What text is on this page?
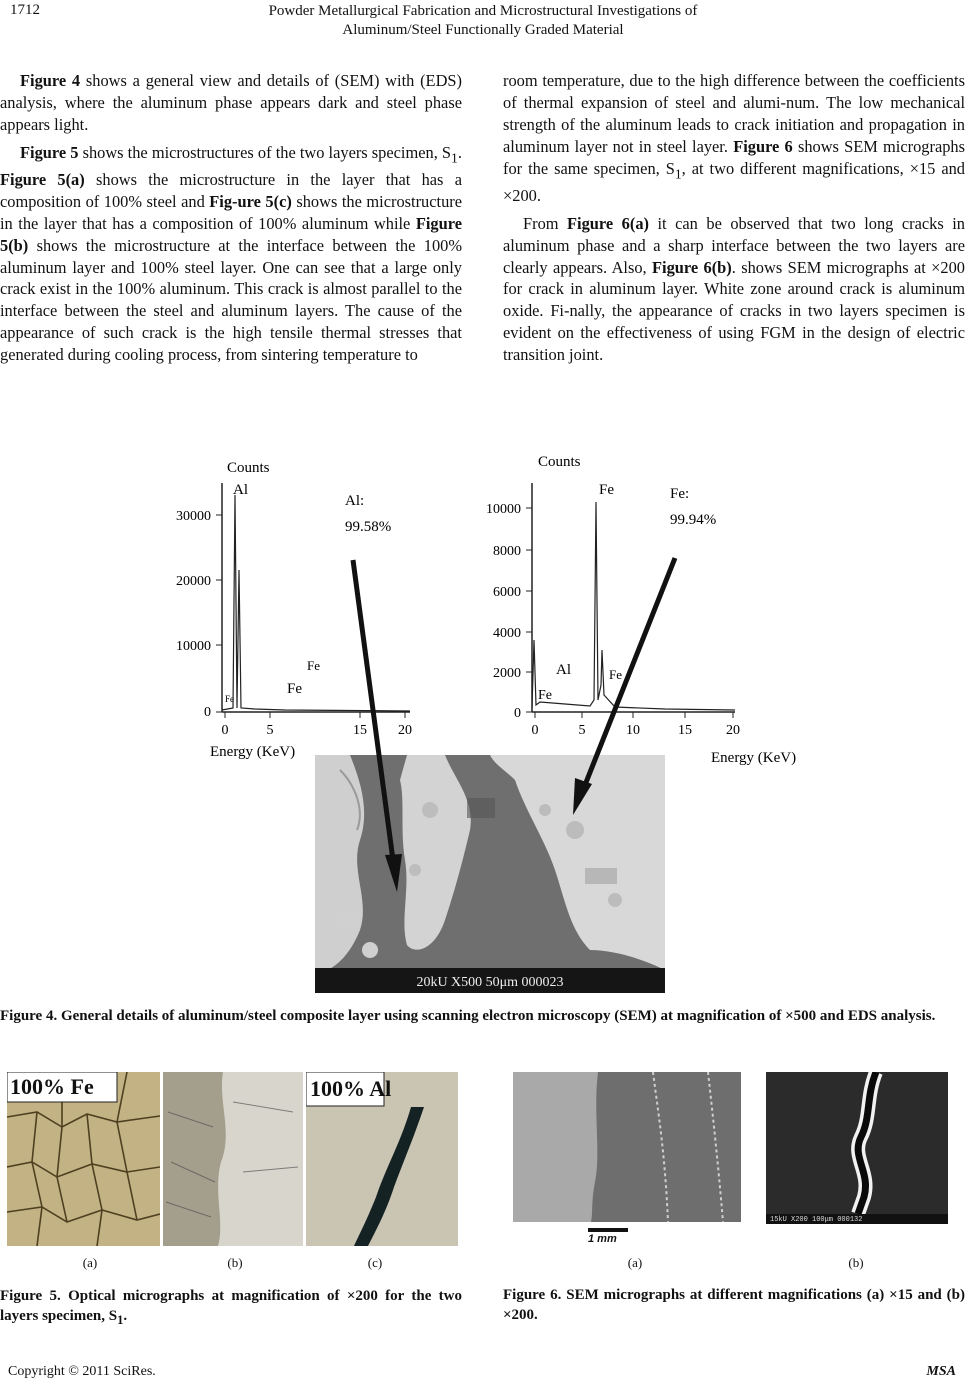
1712	Powder Metallurgical Fabrication and Microstructural Investigations of
Aluminum/Steel Functionally Graded Material

Figure 4 shows a general view and details of (SEM) with (EDS) analysis, where the aluminum phase appears dark and steel phase appears light.

Figure 5 shows the microstructures of the two layers specimen, $S_1$. Figure 5(a) shows the microstructure in the layer that has a composition of 100% steel and Fig-ure 5(c) shows the microstructure in the layer that has a composition of 100% aluminum while Figure 5(b) shows the microstructure at the interface between the 100% aluminum layer and 100% steel layer. One can see that a large only crack exist in the 100% aluminum. This crack is almost parallel to the interface between the steel and aluminum layers. The cause of the appearance of such crack is the high tensile thermal stresses that generated during cooling process, from sintering temperature to

room temperature, due to the high difference between the coefficients of thermal expansion of steel and alumi-num. The low mechanical strength of the aluminum leads to crack initiation and propagation in aluminum layer not in steel layer. Figure 6 shows SEM micrographs for the same specimen, $S_1$, at two different magnifications, ×15 and ×200.

From Figure 6(a) it can be observed that two long cracks in aluminum phase and a sharp interface between the two layers are clearly appears. Also, Figure 6(b). shows SEM micrographs at ×200 for crack in aluminum layer. White zone around crack is aluminum oxide. Fi-nally, the appearance of cracks in two layers specimen is evident on the effectiveness of using FGM in the design of electric transition joint.

20kU X500 50μm 000023
Counts
Al
Al:
99.58%
30000
20000
10000
0
0	5	15 20
Fe
Fe
Fe
Energy (KeV)
Counts
Fe	Fe:
99.94%
10000
8000
6000
4000
2000
0
0	5	10	15 20
Al
Fe
Fe
Energy (KeV)
Figure 4. General details of aluminum/steel composite layer using scanning electron microscopy (SEM) at magnification of ×500 and EDS analysis.
100% Fe	100% Al
(a)	(b)	(c)
Figure 5. Optical micrographs at magnification of ×200 for the two layers specimen, $S_1$.
1 mm
15kU X200 100μm 000132
(a)	(b)
Figure 6. SEM micrographs at different magnifications (a) ×15 and (b) ×200.
Copyright © 2011 SciRes.	MSA
